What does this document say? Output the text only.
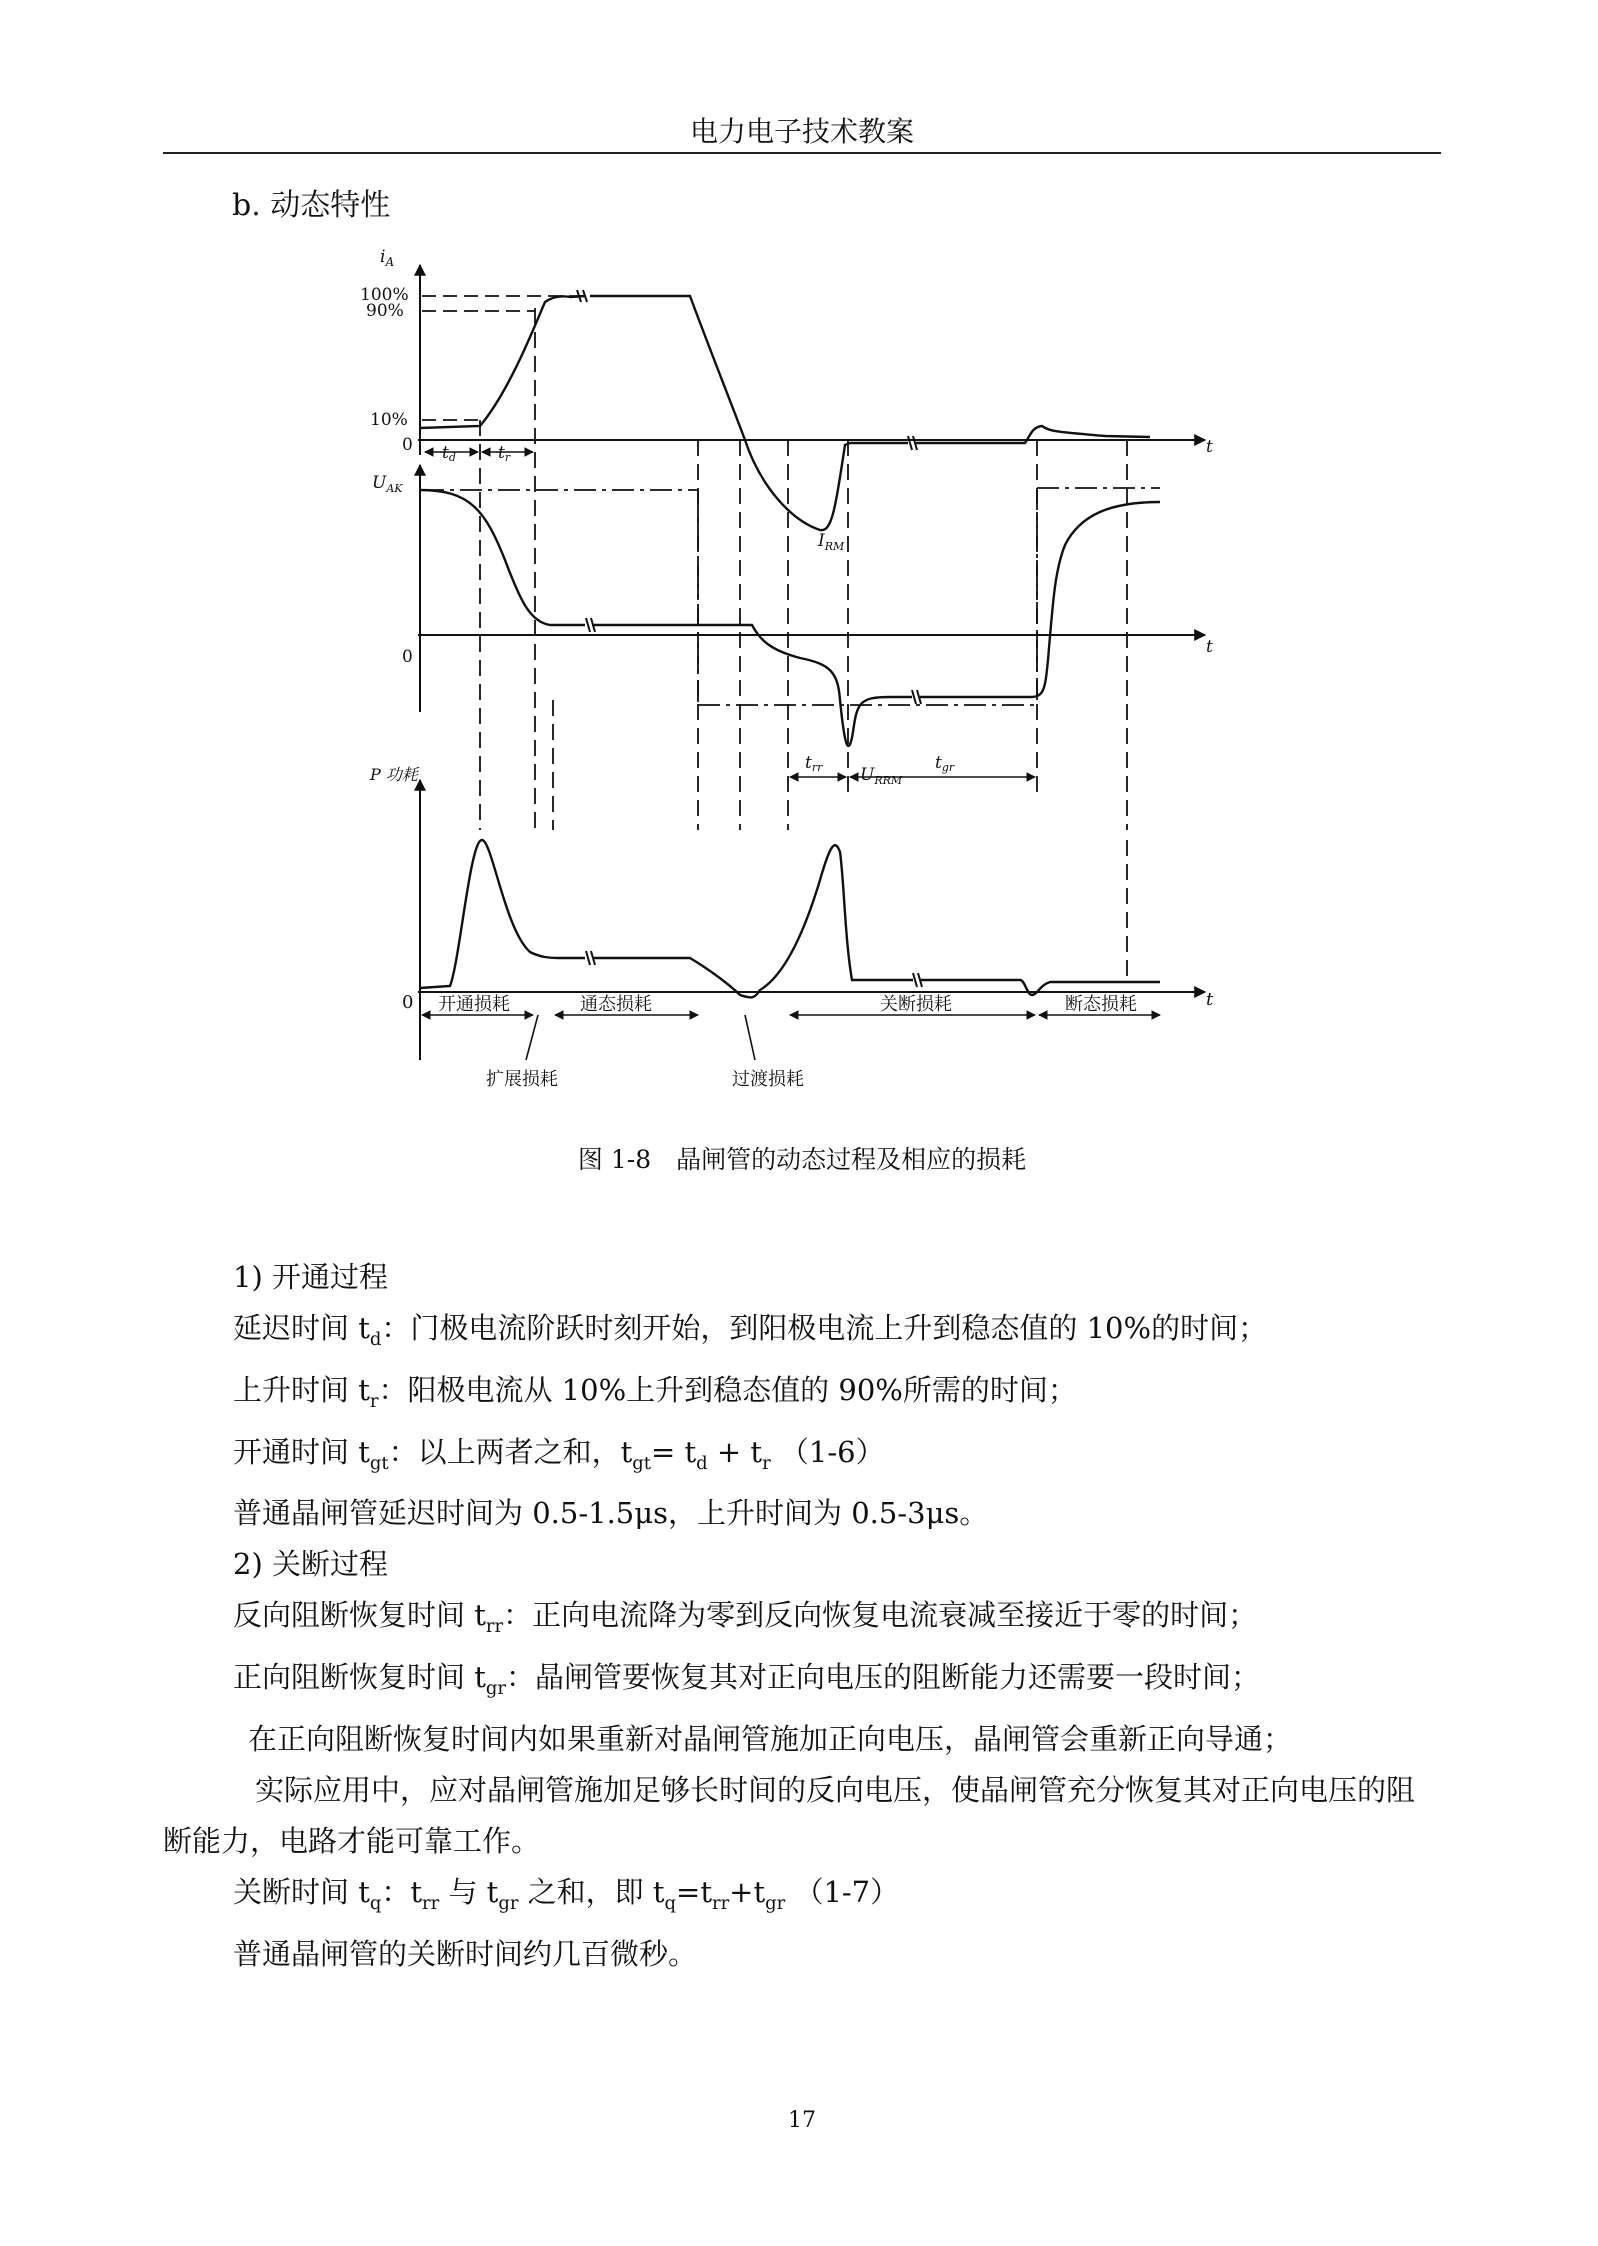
电力电子技术教案
b. 动态特性
$i_A$
100%
90%
10%
0	t
td tr
$I_{RM}$
$U_{AK}$
0	t
$U_{RRM}$
trr	tgr
P 功耗
0	t
开通损耗	通态损耗	关断损耗	断态损耗
扩展损耗	过渡损耗
图 1-8　晶闸管的动态过程及相应的损耗

1) 开通过程

延迟时间 $t_d$：门极电流阶跃时刻开始，到阳极电流上升到稳态值的 10%的时间；

上升时间 $t_r$：阳极电流从 10%上升到稳态值的 90%所需的时间；

开通时间 $t_{gt}$：以上两者之和，$t_{gt}= t_d + t_r$ （1-6）

普通晶闸管延迟时间为 0.5-1.5μs，上升时间为 0.5-3μs。

2) 关断过程

反向阻断恢复时间 $t_{rr}$：正向电流降为零到反向恢复电流衰减至接近于零的时间；

正向阻断恢复时间 $t_{gr}$：晶闸管要恢复其对正向电压的阻断能力还需要一段时间；

在正向阻断恢复时间内如果重新对晶闸管施加正向电压，晶闸管会重新正向导通；

实际应用中，应对晶闸管施加足够长时间的反向电压，使晶闸管充分恢复其对正向电压的阻断能力，电路才能可靠工作。

关断时间 $t_q$：$t_{rr}$ 与 $t_{gr}$ 之和，即 $t_q=t_{rr}+t_{gr}$ （1-7）

普通晶闸管的关断时间约几百微秒。

17
